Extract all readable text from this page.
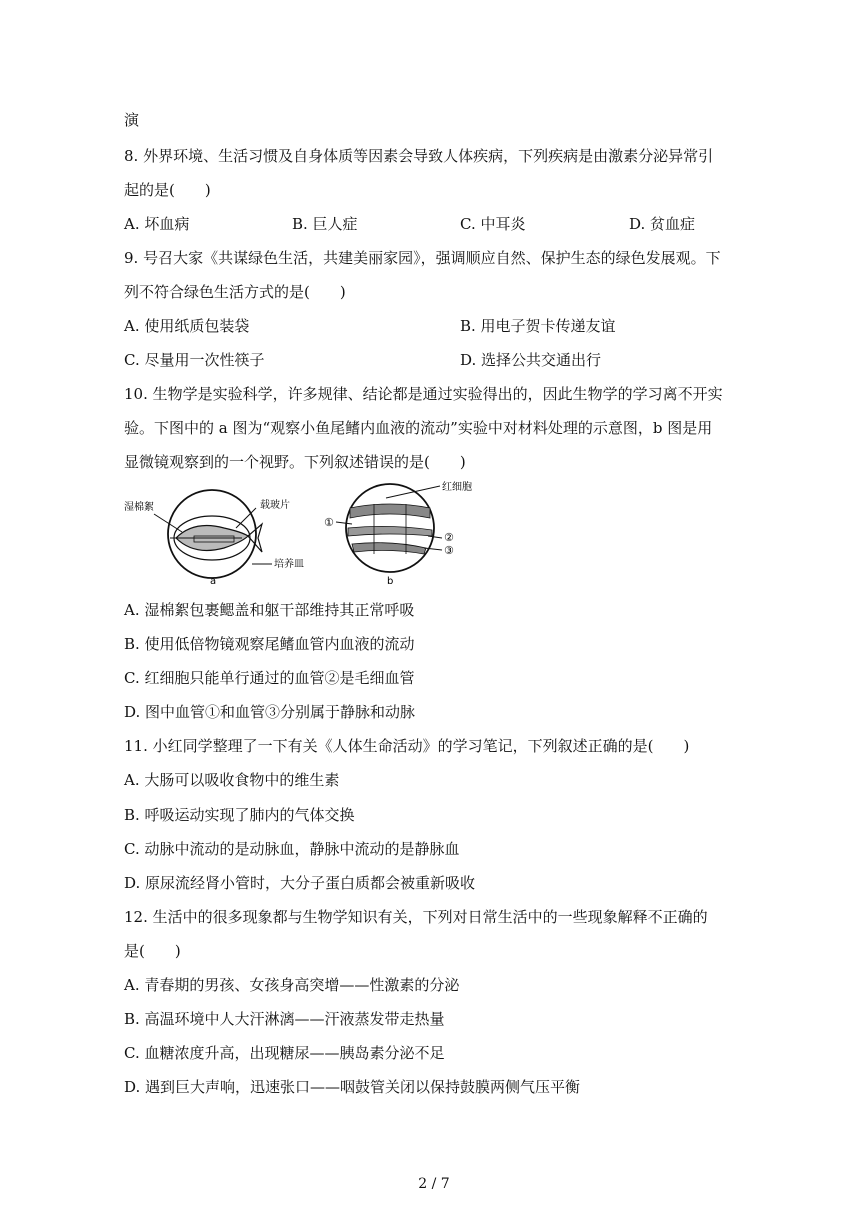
演
8. 外界环境、生活习惯及自身体质等因素会导致人体疾病，下列疾病是由激素分泌异常引
起的是(　　)
A. 坏血病	B. 巨人症	C. 中耳炎	D. 贫血症
9. 号召大家《共谋绿色生活，共建美丽家园》，强调顺应自然、保护生态的绿色发展观。下
列不符合绿色生活方式的是(　　)
A. 使用纸质包装袋	B. 用电子贺卡传递友谊
C. 尽量用一次性筷子	D. 选择公共交通出行
10. 生物学是实验科学，许多规律、结论都是通过实验得出的，因此生物学的学习离不开实
验。下图中的 a 图为“观察小鱼尾鳍内血液的流动”实验中对材料处理的示意图，b 图是用
显微镜观察到的一个视野。下列叙述错误的是(　　)
湿棉絮	载玻片
培养皿
a
红细胞
①
②
③
b
A. 湿棉絮包裹鳃盖和躯干部维持其正常呼吸
B. 使用低倍物镜观察尾鳍血管内血液的流动
C. 红细胞只能单行通过的血管②是毛细血管
D. 图中血管①和血管③分别属于静脉和动脉
11. 小红同学整理了一下有关《人体生命活动》的学习笔记，下列叙述正确的是(　　)
A. 大肠可以吸收食物中的维生素
B. 呼吸运动实现了肺内的气体交换
C. 动脉中流动的是动脉血，静脉中流动的是静脉血
D. 原尿流经肾小管时，大分子蛋白质都会被重新吸收
12. 生活中的很多现象都与生物学知识有关，下列对日常生活中的一些现象解释不正确的
是(　　)
A. 青春期的男孩、女孩身高突增——性激素的分泌
B. 高温环境中人大汗淋漓——汗液蒸发带走热量
C. 血糖浓度升高，出现糖尿——胰岛素分泌不足
D. 遇到巨大声响，迅速张口——咽鼓管关闭以保持鼓膜两侧气压平衡
2 / 7
